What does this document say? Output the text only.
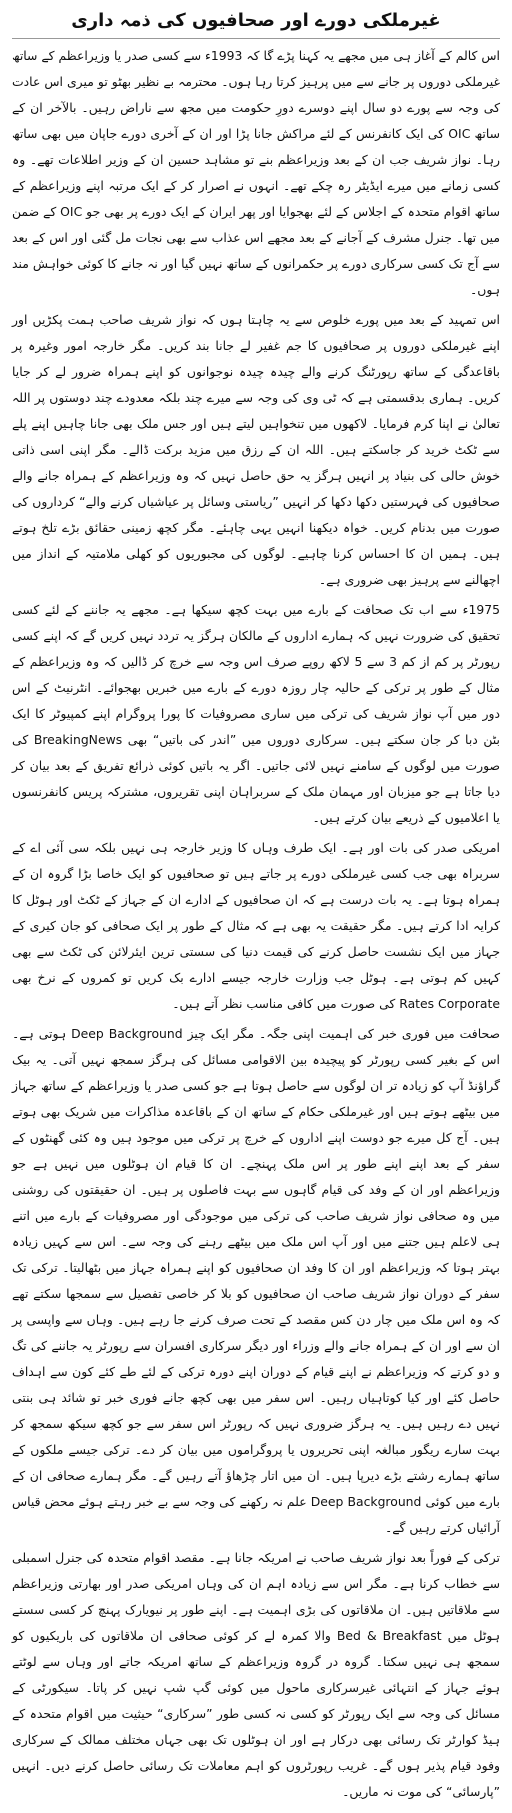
غیرملکی دورے اور صحافیوں کی ذمہ داری

اس کالم کے آغاز ہی میں مجھے یہ کہنا پڑے گا کہ 1993ء سے کسی صدر یا وزیراعظم کے ساتھ غیرملکی دوروں پر جانے سے میں پرہیز کرتا رہا ہوں۔ محترمہ بے نظیر بھٹو تو میری اس عادت کی وجہ سے پورے دو سال اپنے دوسرے دورِ حکومت میں مجھ سے ناراض رہیں۔ بالآخر ان کے ساتھ OIC کی ایک کانفرنس کے لئے مراکش جانا پڑا اور ان کے آخری دورے جاپان میں بھی ساتھ رہا۔ نواز شریف جب ان کے بعد وزیراعظم بنے تو مشاہد حسین ان کے وزیر اطلاعات تھے۔ وہ کسی زمانے میں میرے ایڈیٹر رہ چکے تھے۔ انہوں نے اصرار کر کے ایک مرتبہ اپنے وزیراعظم کے ساتھ اقوام متحدہ کے اجلاس کے لئے بھجوایا اور پھر ایران کے ایک دورے پر بھی جو OIC کے ضمن میں تھا۔ جنرل مشرف کے آجانے کے بعد مجھے اس عذاب سے بھی نجات مل گئی اور اس کے بعد سے آج تک کسی سرکاری دورے پر حکمرانوں کے ساتھ نہیں گیا اور نہ جانے کا کوئی خواہش مند ہوں۔

اس تمہید کے بعد میں پورے خلوص سے یہ چاہتا ہوں کہ نواز شریف صاحب ہمت پکڑیں اور اپنے غیرملکی دوروں پر صحافیوں کا جم غفیر لے جانا بند کریں۔ مگر خارجہ امور وغیرہ پر باقاعدگی کے ساتھ رپورٹنگ کرنے والے چیدہ چیدہ نوجوانوں کو اپنے ہمراہ ضرور لے کر جایا کریں۔ ہماری بدقسمتی ہے کہ ٹی وی کی وجہ سے میرے چند بلکہ معدودے چند دوستوں پر اللہ تعالیٰ نے اپنا کرم فرمایا۔ لاکھوں میں تنخواہیں لیتے ہیں اور جس ملک بھی جانا چاہیں اپنے پلے سے ٹکٹ خرید کر جاسکتے ہیں۔ اللہ ان کے رزق میں مزید برکت ڈالے۔ مگر اپنی اسی ذاتی خوش حالی کی بنیاد پر انہیں ہرگز یہ حق حاصل نہیں کہ وہ وزیراعظم کے ہمراہ جانے والے صحافیوں کی فہرستیں دکھا دکھا کر انہیں ”ریاستی وسائل پر عیاشیاں کرنے والے“ کرداروں کی صورت میں بدنام کریں۔ خواہ دیکھنا انہیں یہی چاہئے۔ مگر کچھ زمینی حقائق بڑے تلخ ہوتے ہیں۔ ہمیں ان کا احساس کرنا چاہیے۔ لوگوں کی مجبوریوں کو کھلی ملامتیہ کے انداز میں اچھالنے سے پرہیز بھی ضروری ہے۔

1975ء سے اب تک صحافت کے بارے میں بہت کچھ سیکھا ہے۔ مجھے یہ جاننے کے لئے کسی تحقیق کی ضرورت نہیں کہ ہمارے اداروں کے مالکان ہرگز یہ تردد نہیں کریں گے کہ اپنے کسی رپورٹر پر کم از کم 3 سے 5 لاکھ روپے صرف اس وجہ سے خرچ کر ڈالیں کہ وہ وزیراعظم کے مثال کے طور پر ترکی کے حالیہ چار روزہ دورے کے بارے میں خبریں بھجوائے۔ انٹرنیٹ کے اس دور میں آپ نواز شریف کی ترکی میں ساری مصروفیات کا پورا پروگرام اپنے کمپیوٹر کا ایک بٹن دبا کر جان سکتے ہیں۔ سرکاری دوروں میں ”اندر کی باتیں“ بھی BreakingNews کی صورت میں لوگوں کے سامنے نہیں لائی جاتیں۔ اگر یہ باتیں کوئی ذرائع تفریق کے بعد بیان کر دیا جاتا ہے جو میزبان اور مہمان ملک کے سربراہان اپنی تقریروں، مشترکہ پریس کانفرنسوں یا اعلامیوں کے ذریعے بیان کرتے ہیں۔

امریکی صدر کی بات اور ہے۔ ایک طرف وہاں کا وزیر خارجہ ہی نہیں بلکہ سی آئی اے کے سربراہ بھی جب کسی غیرملکی دورے پر جاتے ہیں تو صحافیوں کو ایک خاصا بڑا گروہ ان کے ہمراہ ہوتا ہے۔ یہ بات درست ہے کہ ان صحافیوں کے ادارے ان کے جہاز کے ٹکٹ اور ہوٹل کا کرایہ ادا کرتے ہیں۔ مگر حقیقت یہ بھی ہے کہ مثال کے طور پر ایک صحافی کو جان کیری کے جہاز میں ایک نشست حاصل کرنے کی قیمت دنیا کی سستی ترین ایئرلائن کی ٹکٹ سے بھی کہیں کم ہوتی ہے۔ ہوٹل جب وزارت خارجہ جیسے ادارے بک کریں تو کمروں کے نرخ بھی Rates Corporate کی صورت میں کافی مناسب نظر آتے ہیں۔

صحافت میں فوری خبر کی اہمیت اپنی جگہ۔ مگر ایک چیز Deep Background ہوتی ہے۔ اس کے بغیر کسی رپورٹر کو پیچیدہ بین الاقوامی مسائل کی ہرگز سمجھ نہیں آتی۔ یہ بیک گراؤنڈ آپ کو زیادہ تر ان لوگوں سے حاصل ہوتا ہے جو کسی صدر یا وزیراعظم کے ساتھ جہاز میں بیٹھے ہوتے ہیں اور غیرملکی حکام کے ساتھ ان کے باقاعدہ مذاکرات میں شریک بھی ہوتے ہیں۔ آج کل میرے جو دوست اپنے اداروں کے خرچ پر ترکی میں موجود ہیں وہ کئی گھنٹوں کے سفر کے بعد اپنے اپنے طور پر اس ملک پہنچے۔ ان کا قیام ان ہوٹلوں میں نہیں ہے جو وزیراعظم اور ان کے وفد کی قیام گاہوں سے بہت فاصلوں پر ہیں۔ ان حقیقتوں کی روشنی میں وہ صحافی نواز شریف صاحب کی ترکی میں موجودگی اور مصروفیات کے بارے میں اتنے ہی لاعلم ہیں جتنے میں اور آپ اس ملک میں بیٹھے رہنے کی وجہ سے۔ اس سے کہیں زیادہ بہتر ہوتا کہ وزیراعظم اور ان کا وفد ان صحافیوں کو اپنے ہمراہ جہاز میں بٹھالیتا۔ ترکی تک سفر کے دوران نواز شریف صاحب ان صحافیوں کو بلا کر خاصی تفصیل سے سمجھا سکتے تھے کہ وہ اس ملک میں چار دن کس مقصد کے تحت صرف کرنے جا رہے ہیں۔ وہاں سے واپسی پر ان سے اور ان کے ہمراہ جانے والے وزراء اور دیگر سرکاری افسران سے رپورٹر یہ جاننے کی تگ و دو کرتے کہ وزیراعظم نے اپنے قیام کے دوران اپنے دورہ ترکی کے لئے طے کئے کون سے اہداف حاصل کئے اور کیا کوتاہیاں رہیں۔ اس سفر میں بھی کچھ جانے فوری خبر تو شائد ہی بنتی نہیں دے رہیں ہیں۔ یہ ہرگز ضروری نہیں کہ رپورٹر اس سفر سے جو کچھ سیکھ سمجھ کر بہت سارے ریگور مبالغہ اپنی تحریروں یا پروگراموں میں بیان کر دے۔ ترکی جیسے ملکوں کے ساتھ ہمارے رشتے بڑے دیرپا ہیں۔ ان میں اتار چڑھاؤ آتے رہیں گے۔ مگر ہمارے صحافی ان کے بارے میں کوئی Deep Background علم نہ رکھنے کی وجہ سے بے خبر رہتے ہوئے محض قیاس آرائیاں کرتے رہیں گے۔

ترکی کے فوراً بعد نواز شریف صاحب نے امریکہ جانا ہے۔ مقصد اقوام متحدہ کی جنرل اسمبلی سے خطاب کرنا ہے۔ مگر اس سے زیادہ اہم ان کی وہاں امریکی صدر اور بھارتی وزیراعظم سے ملاقاتیں ہیں۔ ان ملاقاتوں کی بڑی اہمیت ہے۔ اپنے طور پر نیویارک پہنچ کر کسی سستے ہوٹل میں Bed & Breakfast والا کمرہ لے کر کوئی صحافی ان ملاقاتوں کی باریکیوں کو سمجھ ہی نہیں سکتا۔ گروہ در گروہ وزیراعظم کے ساتھ امریکہ جاتے اور وہاں سے لوٹتے ہوئے جہاز کے انتہائی غیرسرکاری ماحول میں کوئی گپ شپ نہیں کر پاتا۔ سیکورٹی کے مسائل کی وجہ سے ایک رپورٹر کو کسی نہ کسی طور ”سرکاری“ حیثیت میں اقوام متحدہ کے ہیڈ کوارٹر تک رسائی بھی درکار ہے اور ان ہوٹلوں تک بھی جہاں مختلف ممالک کے سرکاری وفود قیام پذیر ہوں گے۔ غریب رپورٹروں کو اہم معاملات تک رسائی حاصل کرنے دیں۔ انہیں ”پارسائی“ کی موت نہ ماریں۔
